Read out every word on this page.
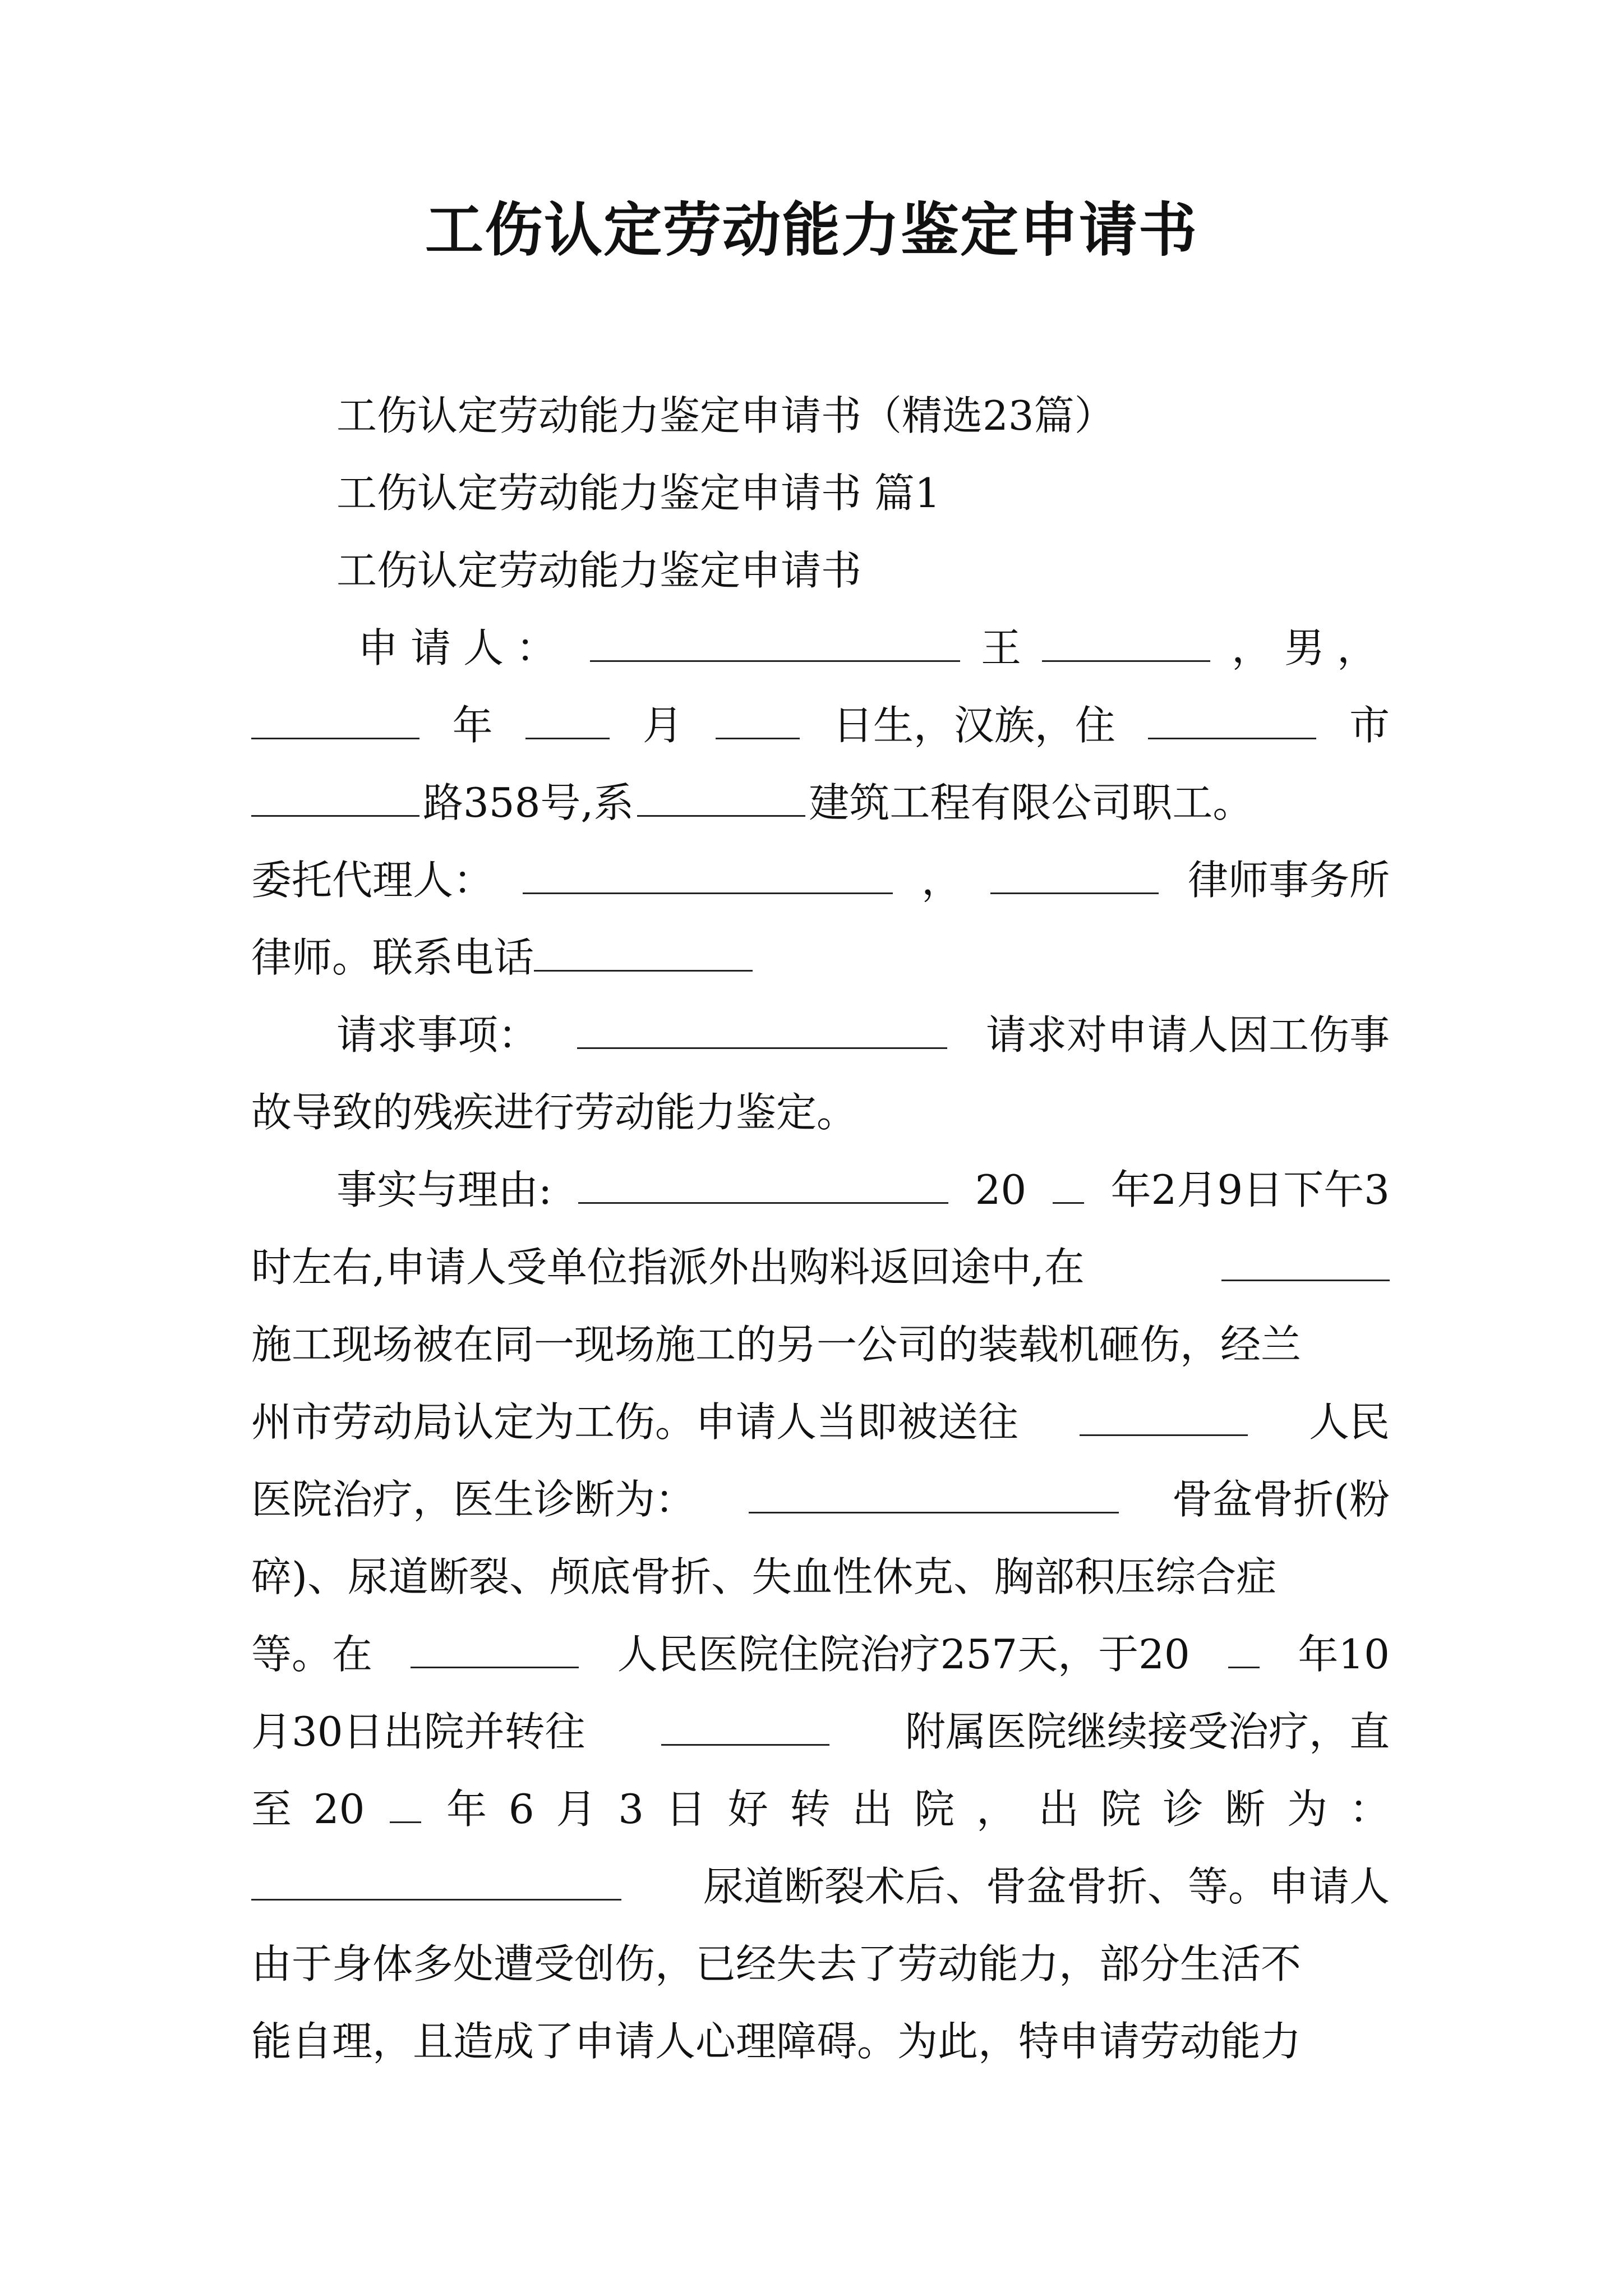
工伤认定劳动能力鉴定申请书
工伤认定劳动能力鉴定申请书（精选23篇）
工伤认定劳动能力鉴定申请书 篇1
工伤认定劳动能力鉴定申请书
申请人：	王	，男，
年	月	日生，汉族，住	市
路358号,系	建筑工程有限公司职工。
委托代理人：	，	律师事务所
律师。联系电话
请求事项：	请求对申请人因工伤事
故导致的残疾进行劳动能力鉴定。
事实与理由:	20 年2月9日下午3
时左右,申请人受单位指派外出购料返回途中,在
施工现场被在同一现场施工的另一公司的装载机砸伤，经兰
州市劳动局认定为工伤。申请人当即被送往	人民
医院治疗，医生诊断为：	骨盆骨折(粉
碎)、尿道断裂、颅底骨折、失血性休克、胸部积压综合症
等。在	人民医院住院治疗257天，于20	年10
月30日出院并转往	附属医院继续接受治疗，直
至 20 年 6 月 3 日 好 转 出 院 ， 出 院 诊 断 为 ：
尿道断裂术后、骨盆骨折、等。申请人
由于身体多处遭受创伤，已经失去了劳动能力，部分生活不
能自理，且造成了申请人心理障碍。为此，特申请劳动能力
